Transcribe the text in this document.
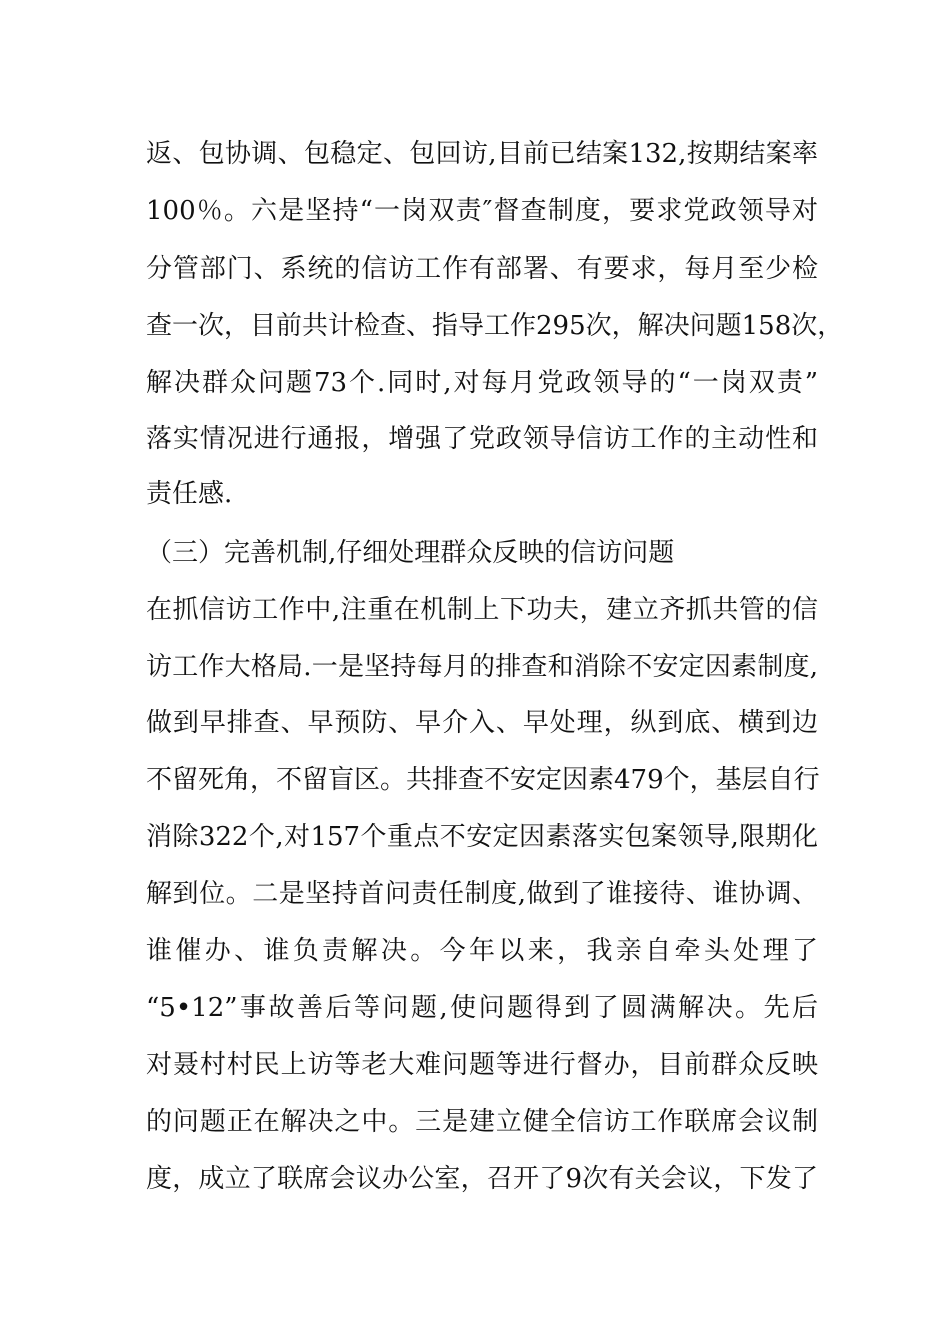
返、包协调、包稳定、包回访,目前已结案132,按期结案率
100％。六是坚持“一岗双责″督查制度，要求党政领导对
分管部门、系统的信访工作有部署、有要求，每月至少检
查一次，目前共计检查、指导工作295次，解决问题158次，
解决群众问题73个.同时,对每月党政领导的“一岗双责”
落实情况进行通报，增强了党政领导信访工作的主动性和
责任感.
（三）完善机制,仔细处理群众反映的信访问题
在抓信访工作中,注重在机制上下功夫，建立齐抓共管的信
访工作大格局.一是坚持每月的排查和消除不安定因素制度,
做到早排查、早预防、早介入、早处理，纵到底、横到边
不留死角，不留盲区。共排查不安定因素479个，基层自行
消除322个,对157个重点不安定因素落实包案领导,限期化
解到位。二是坚持首问责任制度,做到了谁接待、谁协调、
谁催办、谁负责解决。今年以来，我亲自牵头处理了
“5•12”事故善后等问题,使问题得到了圆满解决。先后
对聂村村民上访等老大难问题等进行督办，目前群众反映
的问题正在解决之中。三是建立健全信访工作联席会议制
度，成立了联席会议办公室，召开了9次有关会议，下发了
